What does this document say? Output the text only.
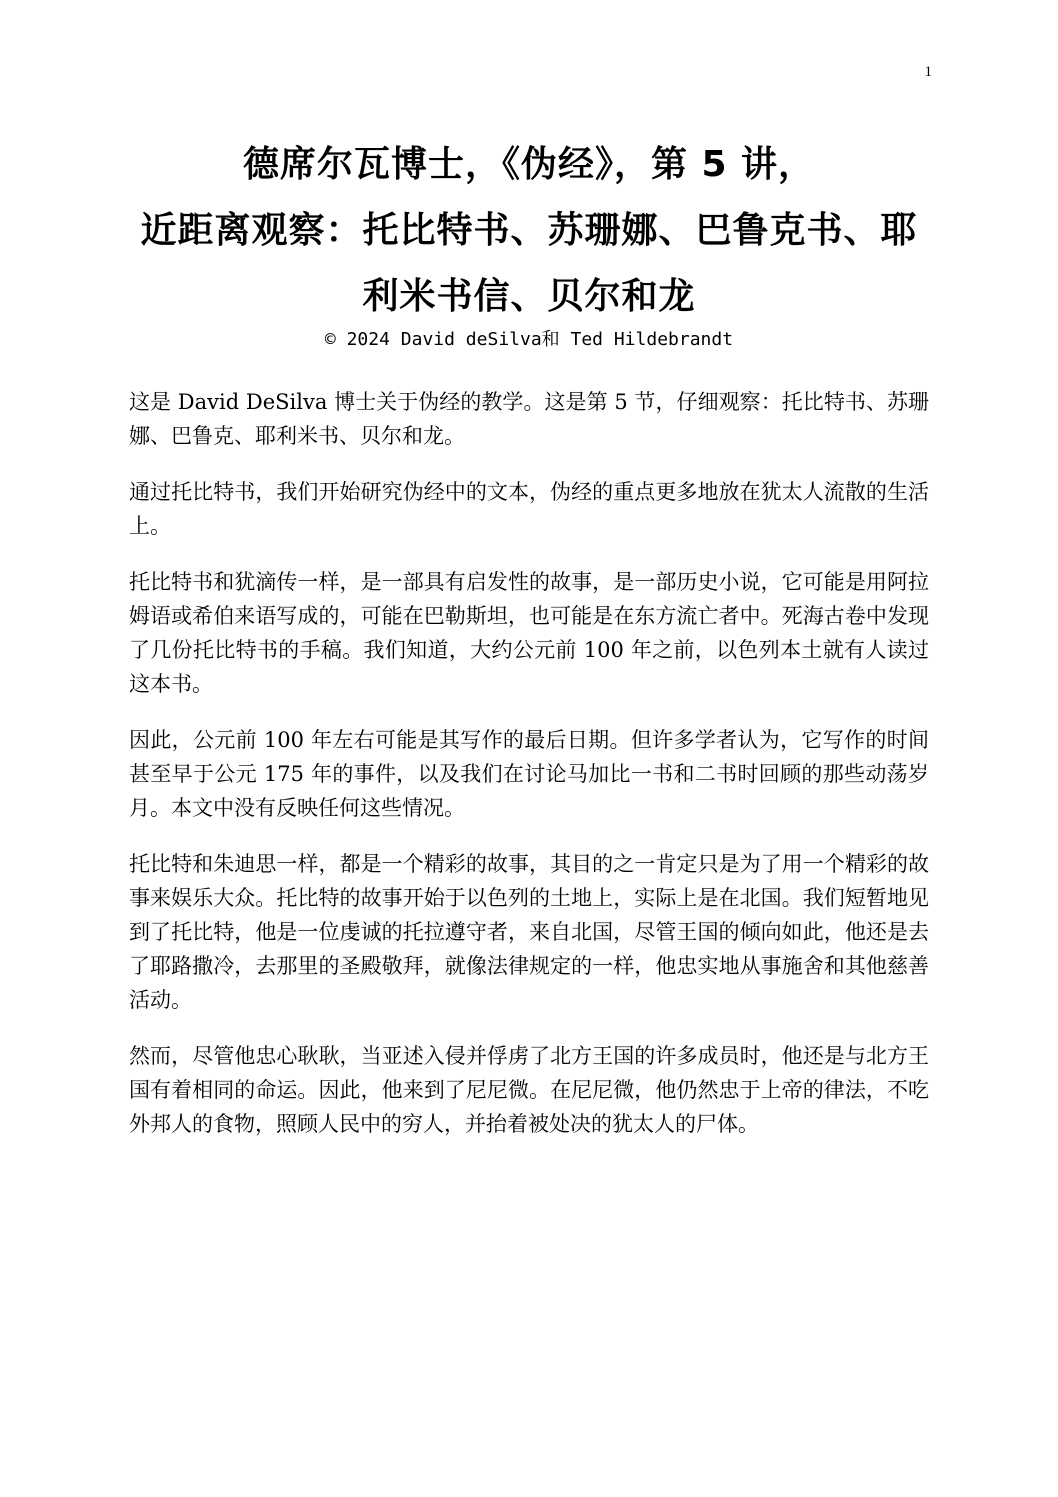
1
德席尔瓦博士，《伪经》，第 5 讲，
近距离观察：托比特书、苏珊娜、巴鲁克书、耶
利米书信、贝尔和龙
© 2024 David deSilva和 Ted Hildebrandt

这是 David DeSilva 博士关于伪经的教学。这是第 5 节，仔细观察：托比特书、苏珊娜、巴鲁克、耶利米书、贝尔和龙。

通过托比特书，我们开始研究伪经中的文本，伪经的重点更多地放在犹太人流散的生活上。

托比特书和犹滴传一样，是一部具有启发性的故事，是一部历史小说，它可能是用阿拉姆语或希伯来语写成的，可能在巴勒斯坦，也可能是在东方流亡者中。死海古卷中发现了几份托比特书的手稿。我们知道，大约公元前 100 年之前，以色列本土就有人读过这本书。

因此，公元前 100 年左右可能是其写作的最后日期。但许多学者认为，它写作的时间甚至早于公元 175 年的事件，以及我们在讨论马加比一书和二书时回顾的那些动荡岁月。本文中没有反映任何这些情况。

托比特和朱迪思一样，都是一个精彩的故事，其目的之一肯定只是为了用一个精彩的故事来娱乐大众。托比特的故事开始于以色列的土地上，实际上是在北国。我们短暂地见到了托比特，他是一位虔诚的托拉遵守者，来自北国，尽管王国的倾向如此，他还是去了耶路撒冷，去那里的圣殿敬拜，就像法律规定的一样，他忠实地从事施舍和其他慈善活动。

然而，尽管他忠心耿耿，当亚述入侵并俘虏了北方王国的许多成员时，他还是与北方王国有着相同的命运。因此，他来到了尼尼微。在尼尼微，他仍然忠于上帝的律法，不吃外邦人的食物，照顾人民中的穷人，并抬着被处决的犹太人的尸体。
